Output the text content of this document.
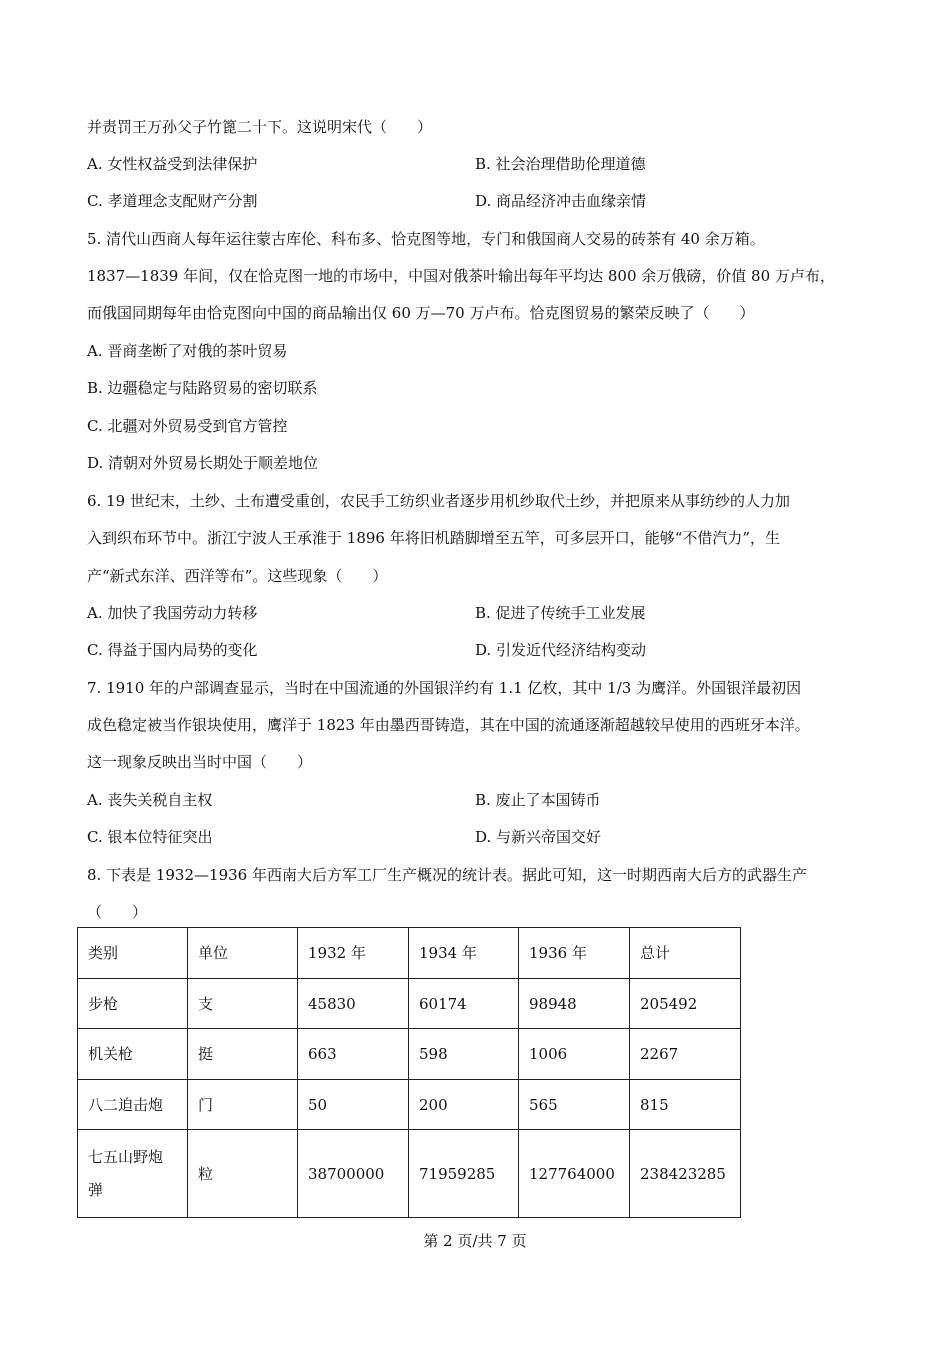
并责罚王万孙父子竹篦二十下。这说明宋代（　　）
A. 女性权益受到法律保护	B. 社会治理借助伦理道德
C. 孝道理念支配财产分割	D. 商品经济冲击血缘亲情
5. 清代山西商人每年运往蒙古库伦、科布多、恰克图等地，专门和俄国商人交易的砖茶有 40 余万箱。
1837—1839 年间，仅在恰克图一地的市场中，中国对俄茶叶输出每年平均达 800 余万俄磅，价值 80 万卢布，
而俄国同期每年由恰克图向中国的商品输出仅 60 万—70 万卢布。恰克图贸易的繁荣反映了（　　）
A. 晋商垄断了对俄的茶叶贸易
B. 边疆稳定与陆路贸易的密切联系
C. 北疆对外贸易受到官方管控
D. 清朝对外贸易长期处于顺差地位
6. 19 世纪末，土纱、土布遭受重创，农民手工纺织业者逐步用机纱取代土纱，并把原来从事纺纱的人力加
入到织布环节中。浙江宁波人王承淮于 1896 年将旧机踏脚增至五竿，可多层开口，能够“不借汽力”，生
产“新式东洋、西洋等布”。这些现象（　　）
A. 加快了我国劳动力转移	B. 促进了传统手工业发展
C. 得益于国内局势的变化	D. 引发近代经济结构变动
7. 1910 年的户部调查显示，当时在中国流通的外国银洋约有 1.1 亿枚，其中 1/3 为鹰洋。外国银洋最初因
成色稳定被当作银块使用，鹰洋于 1823 年由墨西哥铸造，其在中国的流通逐渐超越较早使用的西班牙本洋。
这一现象反映出当时中国（　　）
A. 丧失关税自主权	B. 废止了本国铸币
C. 银本位特征突出	D. 与新兴帝国交好
8. 下表是 1932—1936 年西南大后方军工厂生产概况的统计表。据此可知，这一时期西南大后方的武器生产
（　　）
类别	单位	1932 年	1934 年	1936 年	总计
步枪	支	45830	60174	98948	205492
机关枪	挺	663	598	1006	2267
八二迫击炮	门	50	200	565	815
七五山野炮弹	粒	38700000	71959285	127764000	238423285
第 2 页/共 7 页
